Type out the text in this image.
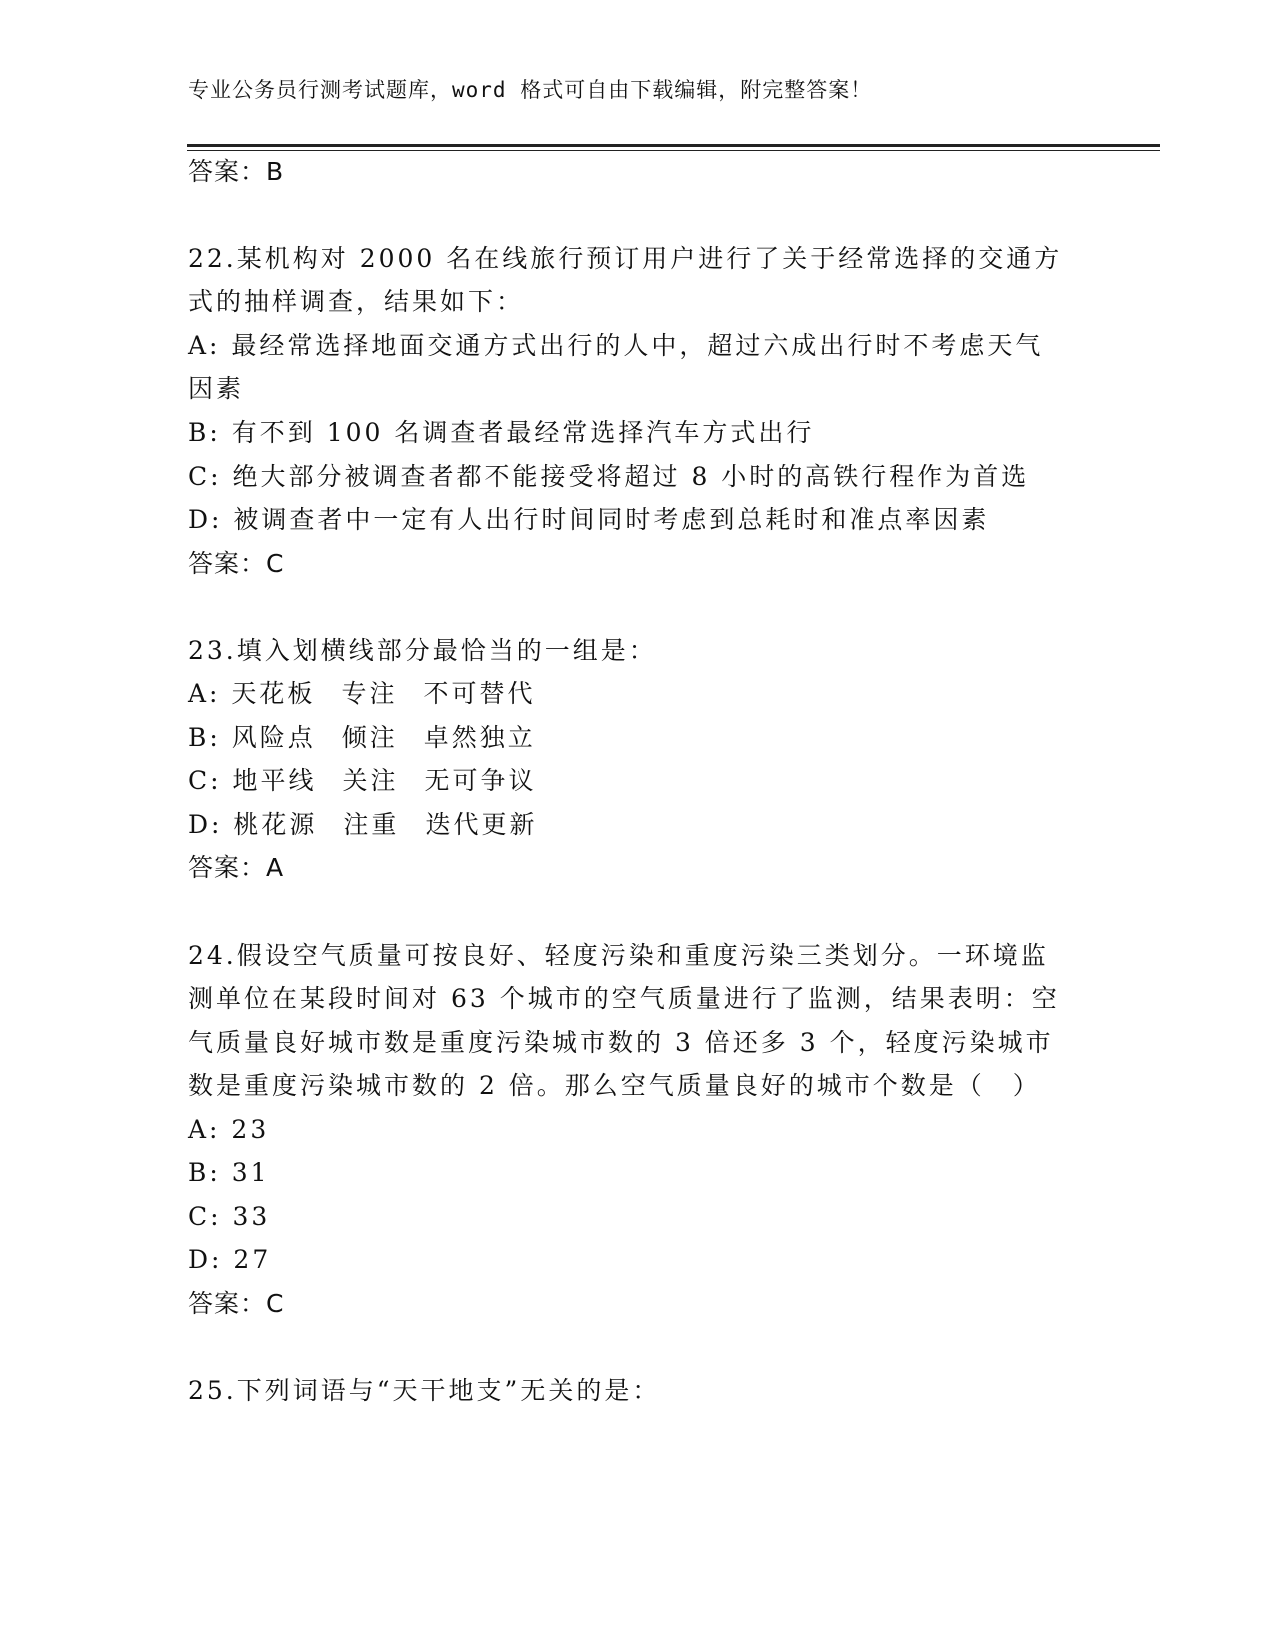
专业公务员行测考试题库，word 格式可自由下载编辑，附完整答案！
答案：B
22.某机构对 2000 名在线旅行预订用户进行了关于经常选择的交通方
式的抽样调查，结果如下：
A: 最经常选择地面交通方式出行的人中，超过六成出行时不考虑天气
因素
B: 有不到 100 名调查者最经常选择汽车方式出行
C: 绝大部分被调查者都不能接受将超过 8 小时的高铁行程作为首选
D: 被调查者中一定有人出行时间同时考虑到总耗时和准点率因素
答案：C
23.填入划横线部分最恰当的一组是：
A: 天花板 专注 不可替代
B: 风险点 倾注 卓然独立
C: 地平线 关注 无可争议
D: 桃花源 注重 迭代更新
答案：A
24.假设空气质量可按良好、轻度污染和重度污染三类划分。一环境监
测单位在某段时间对 63 个城市的空气质量进行了监测，结果表明：空
气质量良好城市数是重度污染城市数的 3 倍还多 3 个，轻度污染城市
数是重度污染城市数的 2 倍。那么空气质量良好的城市个数是（　）
A: 23
B: 31
C: 33
D: 27
答案：C
25.下列词语与“天干地支”无关的是：
